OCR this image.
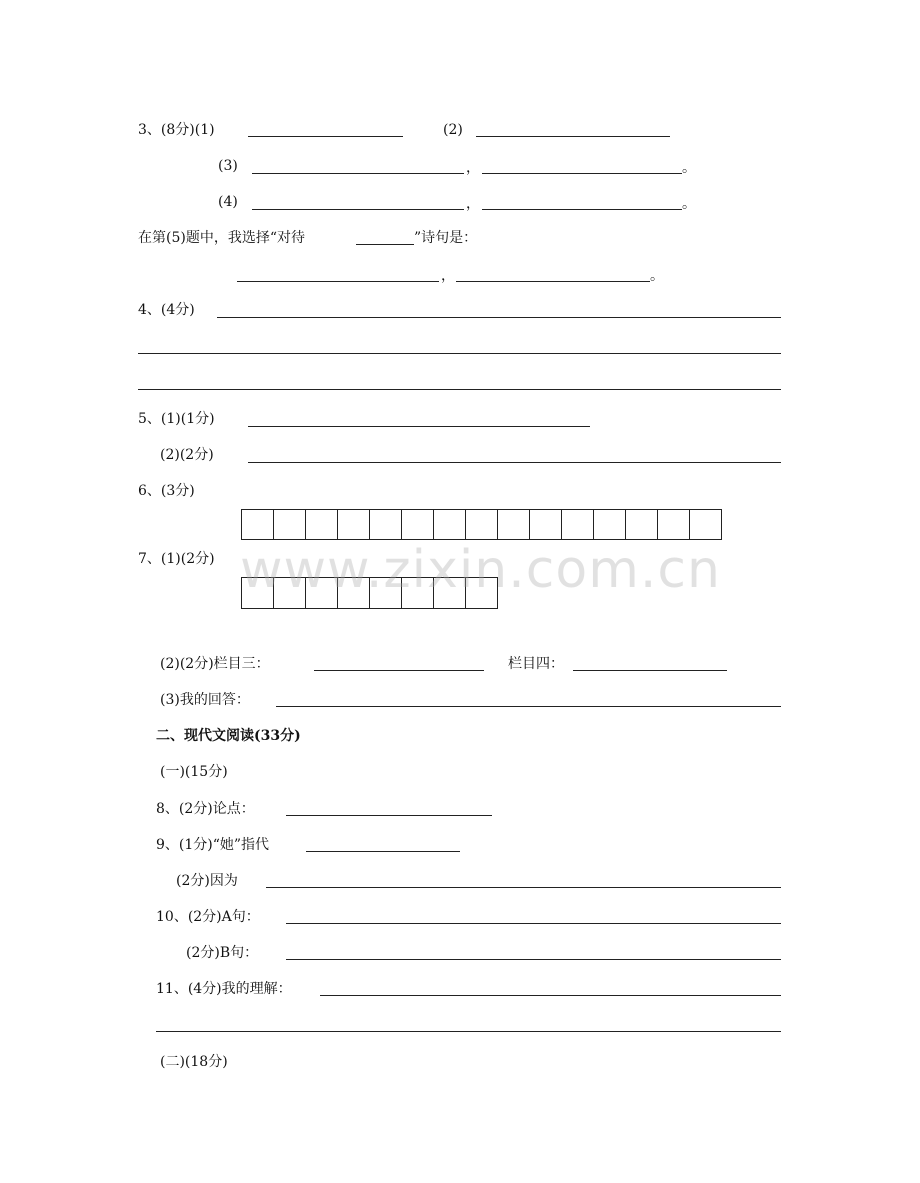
3、(8分)(1)	(2)
(3)	，	。
(4)	，	。
在第(5)题中，我选择“对待	”诗句是：
，	。
4、(4分)
5、(1)(1分)
(2)(2分)
6、(3分)
7、(1)(2分) www.zixin.com.cn
(2)(2分)栏目三：	栏目四：
(3)我的回答：
二、现代文阅读(33分)
(一)(15分)
8、(2分)论点：
9、(1分)“她”指代
(2分)因为
10、(2分)A句：
(2分)B句：
11、(4分)我的理解：
(二)(18分)
